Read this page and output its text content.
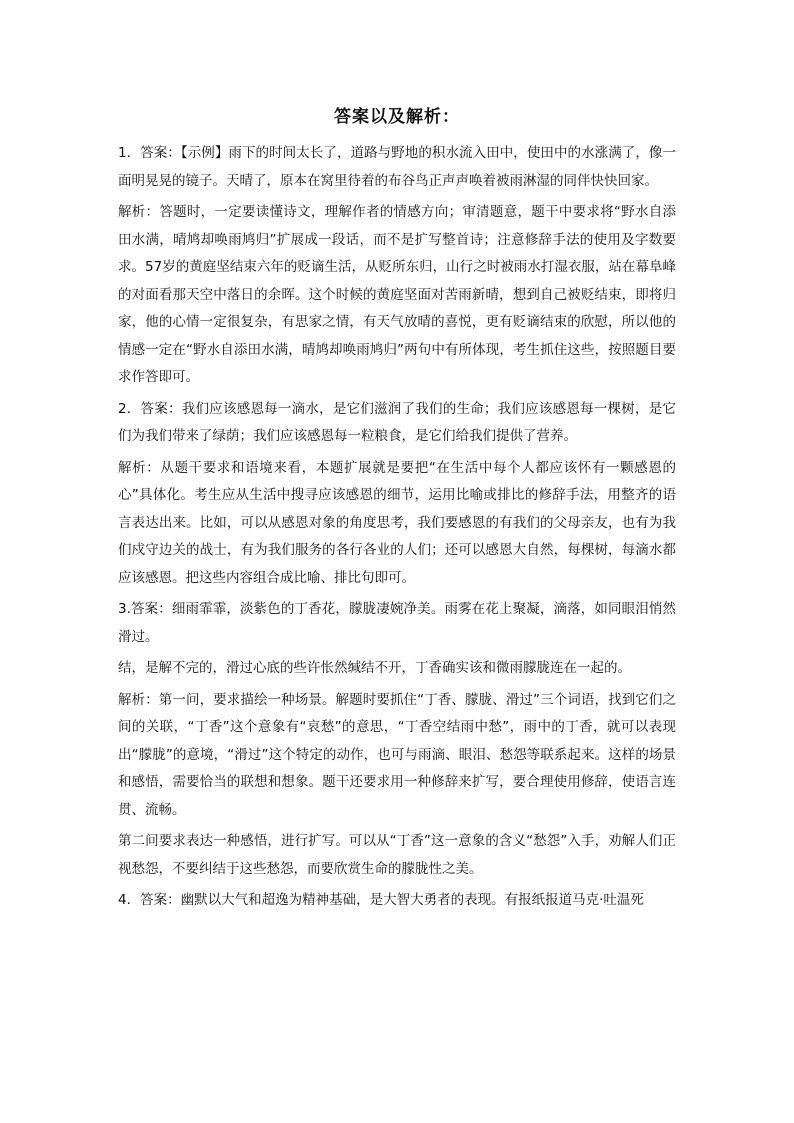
答案以及解析：

1．答案：【示例】雨下的时间太长了，道路与野地的积水流入田中，使田中的水涨满了，像一面明晃晃的镜子。天晴了，原本在窝里待着的布谷鸟正声声唤着被雨淋湿的同伴快快回家。

解析：答题时，一定要读懂诗文，理解作者的情感方向；审清题意，题干中要求将“野水自添田水满，晴鸠却唤雨鸠归”扩展成一段话，而不是扩写整首诗；注意修辞手法的使用及字数要求。57岁的黄庭坚结束六年的贬谪生活，从贬所东归，山行之时被雨水打湿衣服，站在幕阜峰的对面看那天空中落日的余晖。这个时候的黄庭坚面对苦雨新晴，想到自己被贬结束，即将归家，他的心情一定很复杂，有思家之情，有天气放晴的喜悦，更有贬谪结束的欣慰，所以他的情感一定在“野水自添田水满，晴鸠却唤雨鸠归”两句中有所体现，考生抓住这些，按照题目要求作答即可。

2．答案：我们应该感恩每一滴水，是它们滋润了我们的生命；我们应该感恩每一棵树，是它们为我们带来了绿荫；我们应该感恩每一粒粮食，是它们给我们提供了营养。

解析：从题干要求和语境来看，本题扩展就是要把“在生活中每个人都应该怀有一颗感恩的心”具体化。考生应从生活中搜寻应该感恩的细节，运用比喻或排比的修辞手法，用整齐的语言表达出来。比如，可以从感恩对象的角度思考，我们要感恩的有我们的父母亲友，也有为我们戍守边关的战士，有为我们服务的各行各业的人们；还可以感恩大自然，每棵树，每滴水都应该感恩。把这些内容组合成比喻、排比句即可。

3.答案：细雨霏霏，淡紫色的丁香花，朦胧凄婉净美。雨雾在花上聚凝，滴落，如同眼泪悄然滑过。

结，是解不完的，滑过心底的些许怅然缄结不开，丁香确实该和微雨朦胧连在一起的。

解析：第一问，要求描绘一种场景。解题时要抓住“丁香、朦胧、滑过”三个词语，找到它们之间的关联，“丁香”这个意象有“哀愁”的意思，“丁香空结雨中愁”，雨中的丁香，就可以表现出“朦胧”的意境，“滑过”这个特定的动作，也可与雨滴、眼泪、愁怨等联系起来。这样的场景和感悟，需要恰当的联想和想象。题干还要求用一种修辞来扩写，要合理使用修辞，使语言连贯、流畅。

第二问要求表达一种感悟，进行扩写。可以从“丁香”这一意象的含义“愁怨”入手，劝解人们正视愁怨，不要纠结于这些愁怨，而要欣赏生命的朦胧性之美。

4．答案：幽默以大气和超逸为精神基础，是大智大勇者的表现。有报纸报道马克·吐温死
